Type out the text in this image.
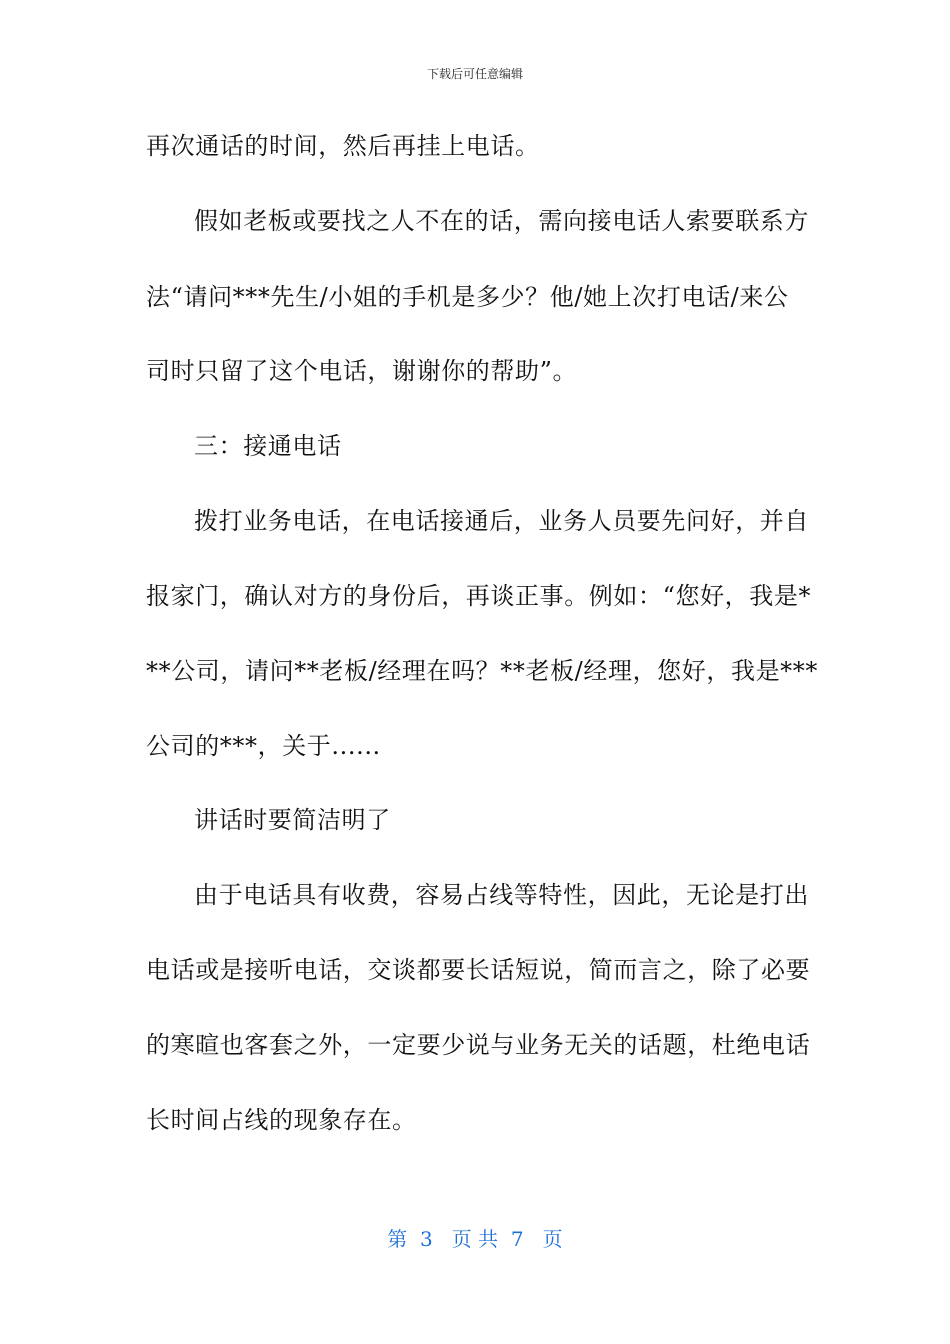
下载后可任意编辑
再次通话的时间，然后再挂上电话。
假如老板或要找之人不在的话，需向接电话人索要联系方
法“请问***先生/小姐的手机是多少？他/她上次打电话/来公
司时只留了这个电话，谢谢你的帮助”。
三：接通电话
拨打业务电话，在电话接通后，业务人员要先问好，并自
报家门，确认对方的身份后，再谈正事。例如：“您好，我是*
**公司，请问**老板/经理在吗？**老板/经理，您好，我是***
公司的***，关于......
讲话时要简洁明了
由于电话具有收费，容易占线等特性，因此，无论是打出
电话或是接听电话，交谈都要长话短说，简而言之，除了必要
的寒暄也客套之外，一定要少说与业务无关的话题，杜绝电话
长时间占线的现象存在。
第  3   页 共  7   页
